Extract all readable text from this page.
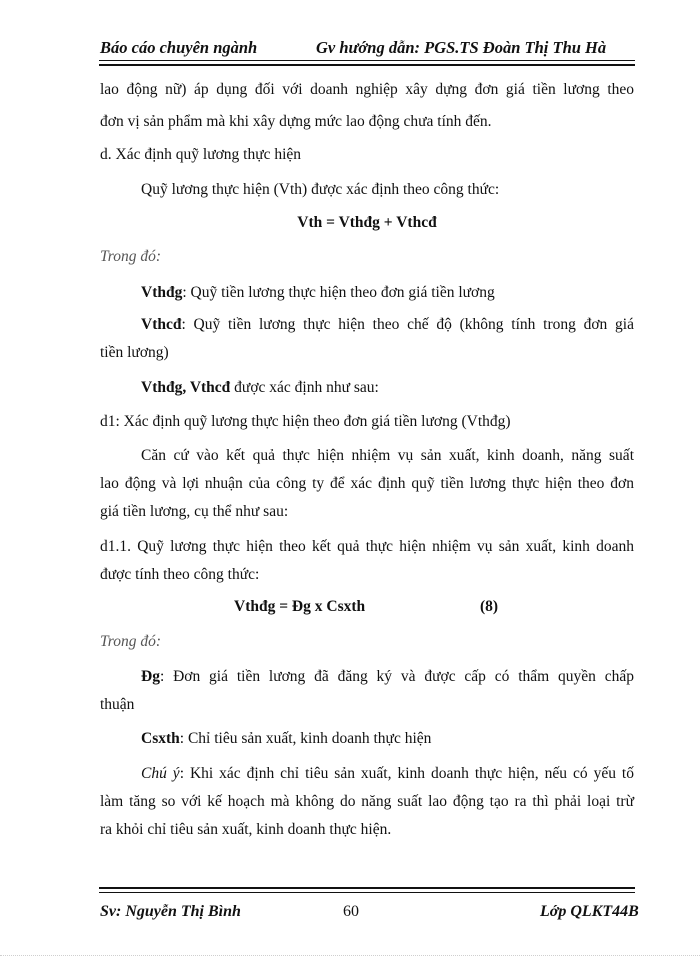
Báo cáo chuyên ngành	Gv hướng dẫn: PGS.TS Đoàn Thị Thu Hà
lao động nữ) áp dụng đối với doanh nghiệp xây dựng đơn giá tiền lương theo
đơn vị sản phẩm mà khi xây dựng mức lao động chưa tính đến.
d. Xác định quỹ lương thực hiện
Quỹ lương thực hiện (Vth) được xác định theo công thức:
Vth = Vthđg + Vthcđ
Trong đó:
Vthđg: Quỹ tiền lương thực hiện theo đơn giá tiền lương
Vthcđ: Quỹ tiền lương thực hiện theo chế độ (không tính trong đơn giá
tiền lương)
Vthđg, Vthcđ được xác định như sau:
d1: Xác định quỹ lương thực hiện theo đơn giá tiền lương (Vthđg)
Căn cứ vào kết quả thực hiện nhiệm vụ sản xuất, kinh doanh, năng suất
lao động và lợi nhuận của công ty để xác định quỹ tiền lương thực hiện theo đơn
giá tiền lương, cụ thể như sau:
d1.1. Quỹ lương thực hiện theo kết quả thực hiện nhiệm vụ sản xuất, kinh doanh
được tính theo công thức:
Vthđg = Đg x Csxth	(8)
Trong đó:
Đg: Đơn giá tiền lương đã đăng ký và được cấp có thẩm quyền chấp
thuận
Csxth: Chỉ tiêu sản xuất, kinh doanh thực hiện
Chú ý: Khi xác định chỉ tiêu sản xuất, kinh doanh thực hiện, nếu có yếu tố
làm tăng so với kế hoạch mà không do năng suất lao động tạo ra thì phải loại trừ
ra khỏi chỉ tiêu sản xuất, kinh doanh thực hiện.
Sv: Nguyễn Thị Bình	60	Lớp QLKT44B
